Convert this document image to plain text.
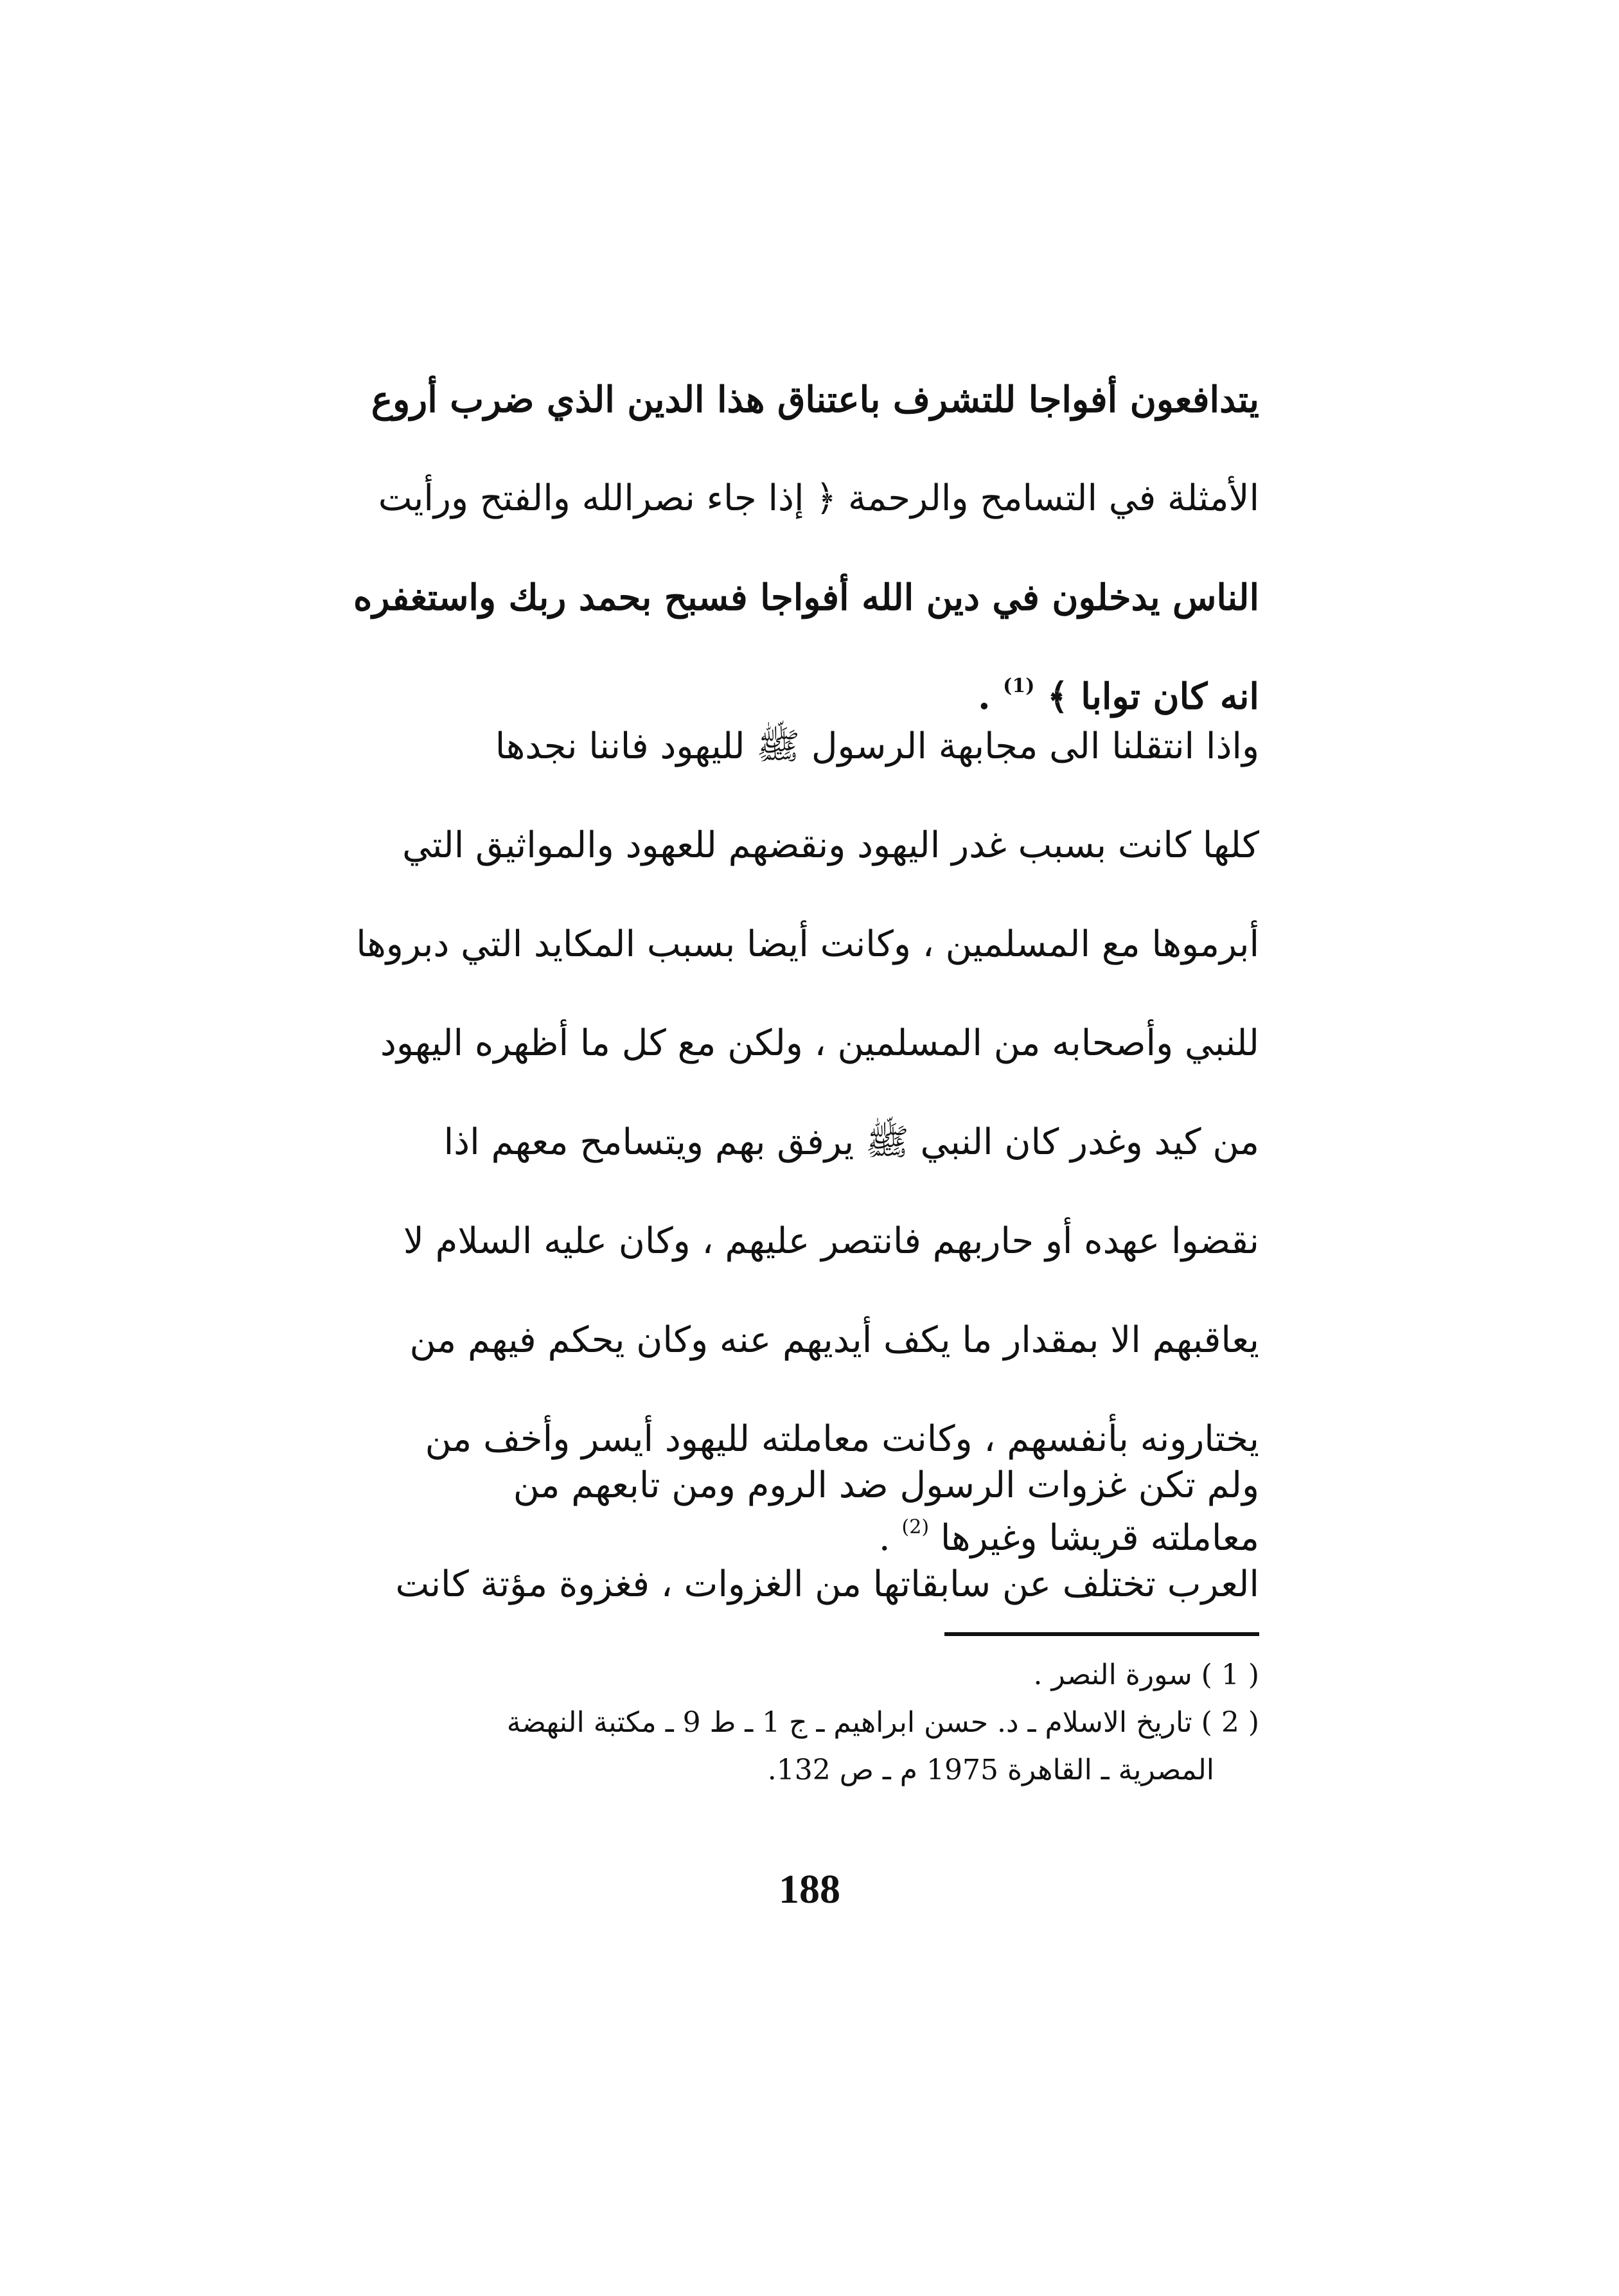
يتدافعون أفواجا للتشرف باعتناق هذا الدين الذي ضرب أروع
الأمثلة في التسامح والرحمة ﴿ إذا جاء نصرالله والفتح ورأيت
الناس يدخلون في دين الله أفواجا فسبح بحمد ربك واستغفره
انه كان توابا ﴾ $^{(1)}$ .
واذا انتقلنا الى مجابهة الرسول ﷺ لليهود فاننا نجدها
كلها كانت بسبب غدر اليهود ونقضهم للعهود والمواثيق التي
أبرموها مع المسلمين ، وكانت أيضا بسبب المكايد التي دبروها
للنبي وأصحابه من المسلمين ، ولكن مع كل ما أظهره اليهود
من كيد وغدر كان النبي ﷺ يرفق بهم ويتسامح معهم اذا
نقضوا عهده أو حاربهم فانتصر عليهم ، وكان عليه السلام لا
يعاقبهم الا بمقدار ما يكف أيديهم عنه وكان يحكم فيهم من
يختارونه بأنفسهم ، وكانت معاملته لليهود أيسر وأخف من
معاملته قريشا وغيرها $^{(2)}$ .
ولم تكن غزوات الرسول ضد الروم ومن تابعهم من
العرب تختلف عن سابقاتها من الغزوات ، فغزوة مؤتة كانت
( 1 ) سورة النصر .
( 2 ) تاريخ الاسلام ـ د. حسن ابراهيم ـ ج 1 ـ ط 9 ـ مكتبة النهضة
المصرية ـ القاهرة 1975 م ـ ص 132.
188
